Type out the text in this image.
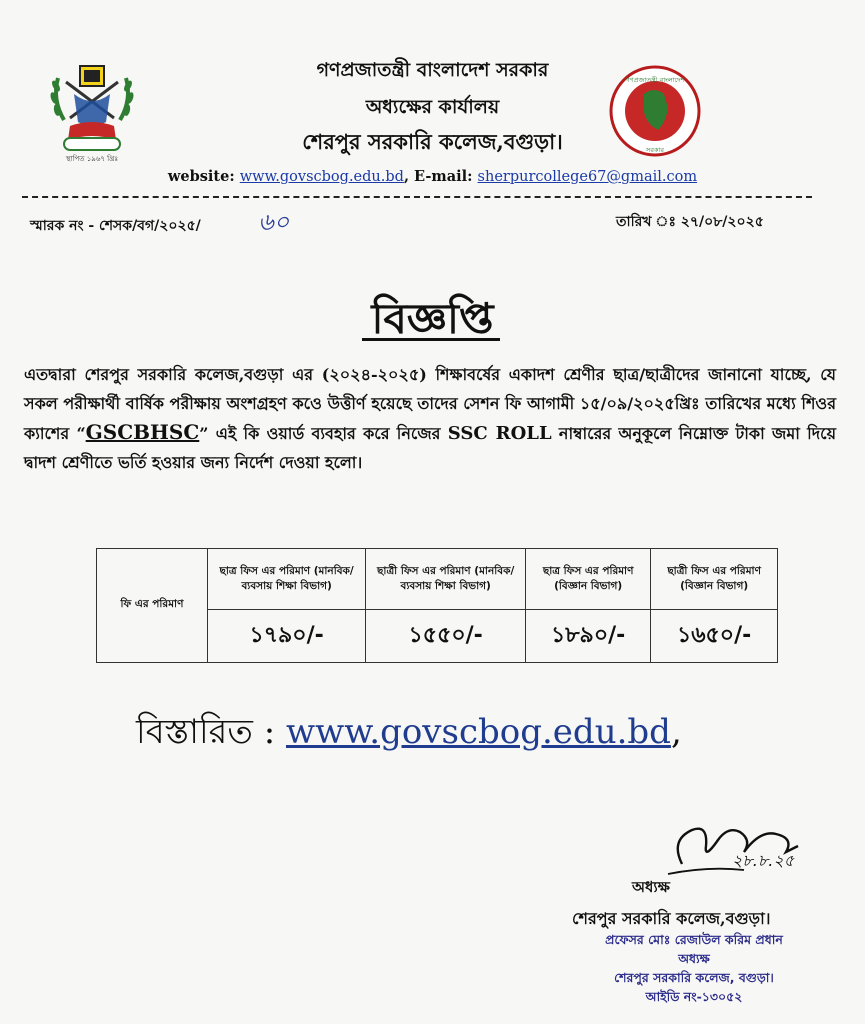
স্থাপিত ১৯৬৭ খ্রিঃ
গণপ্রজাতন্ত্রী বাংলাদেশ
সরকার
গণপ্রজাতন্ত্রী বাংলাদেশ সরকার
অধ্যক্ষের কার্যালয়
শেরপুর সরকারি কলেজ,বগুড়া।
website: www.govscbog.edu.bd, E-mail: sherpurcollege67@gmail.com
স্মারক নং - শেসক/বগ/২০২৫/ ৬০	তারিখ ঃ ২৭/০৮/২০২৫
বিজ্ঞপ্তি
এতদ্বারা শেরপুর সরকারি কলেজ,বগুড়া এর (২০২৪-২০২৫) শিক্ষাবর্ষের একাদশ শ্রেণীর ছাত্র/ছাত্রীদের জানানো যাচ্ছে, যে সকল পরীক্ষার্থী বার্ষিক পরীক্ষায় অংশগ্রহণ কওে উত্তীর্ণ হয়েছে তাদের সেশন ফি আগামী ১৫/০৯/২০২৫খ্রিঃ তারিখের মধ্যে শিওর ক্যাশের “GSCBHSC” এই কি ওয়ার্ড ব্যবহার করে নিজের SSC ROLL নাম্বারের অনুকূলে নিম্নোক্ত টাকা জমা দিয়ে দ্বাদশ শ্রেণীতে ভর্তি হওয়ার জন্য নির্দেশ দেওয়া হলো।
ফি এর পরিমাণ	ছাত্র ফিস এর পরিমাণ (মানবিক/ব্যবসায় শিক্ষা বিভাগ)	ছাত্রী ফিস এর পরিমাণ (মানবিক/ব্যবসায় শিক্ষা বিভাগ)	ছাত্র ফিস এর পরিমাণ (বিজ্ঞান বিভাগ)	ছাত্রী ফিস এর পরিমাণ (বিজ্ঞান বিভাগ)
	১৭৯০/-	১৫৫০/-	১৮৯০/-	১৬৫০/-
বিস্তারিত : www.govscbog.edu.bd,
২৮.৮.২৫
অধ্যক্ষ
শেরপুর সরকারি কলেজ,বগুড়া।
প্রফেসর মোঃ রেজাউল করিম প্রধান
অধ্যক্ষ
শেরপুর সরকারি কলেজ, বগুড়া।
আইডি নং-১৩০৫২
